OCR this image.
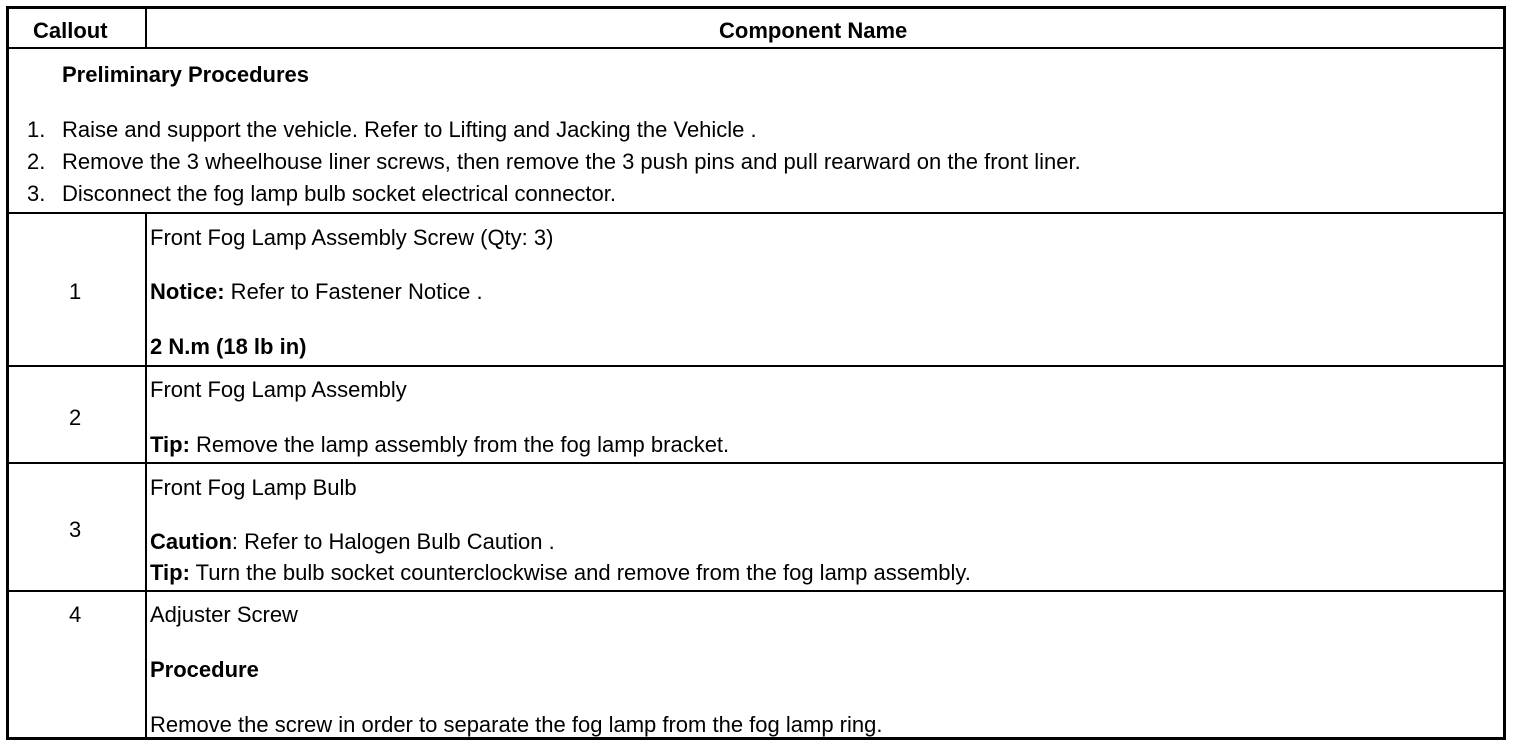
Callout	Component Name
Preliminary Procedures
1. Raise and support the vehicle. Refer to Lifting and Jacking the Vehicle .
2. Remove the 3 wheelhouse liner screws, then remove the 3 push pins and pull rearward on the front liner.
3. Disconnect the fog lamp bulb socket electrical connector.
1
Front Fog Lamp Assembly Screw (Qty: 3)
Notice: Refer to Fastener Notice .
2 N.m (18 lb in)
2
Front Fog Lamp Assembly
Tip: Remove the lamp assembly from the fog lamp bracket.
3
Front Fog Lamp Bulb
Caution: Refer to Halogen Bulb Caution .
Tip: Turn the bulb socket counterclockwise and remove from the fog lamp assembly.
4	Adjuster Screw
Procedure
Remove the screw in order to separate the fog lamp from the fog lamp ring.
